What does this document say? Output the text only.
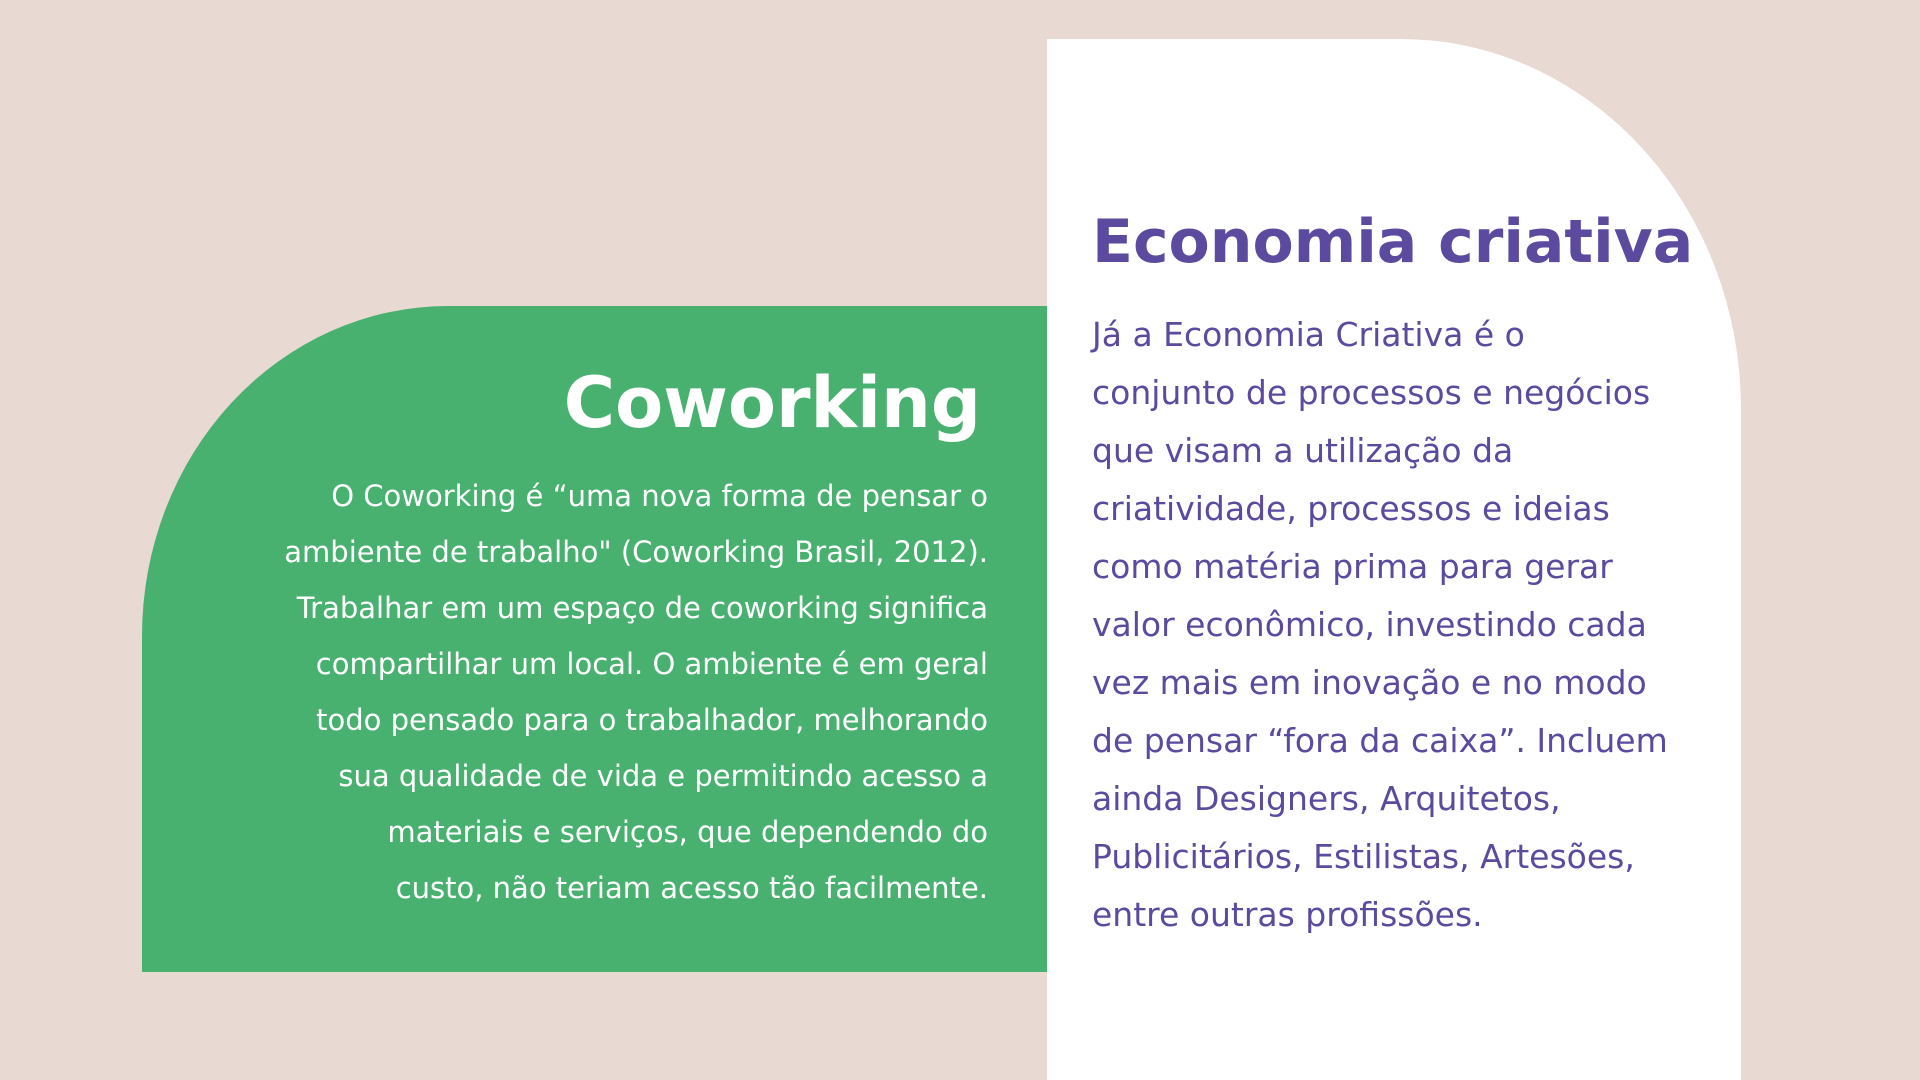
Coworking

O Coworking é “uma nova forma de pensar o
ambiente de trabalho" (Coworking Brasil, 2012).
Trabalhar em um espaço de coworking significa
compartilhar um local. O ambiente é em geral
todo pensado para o trabalhador, melhorando
sua qualidade de vida e permitindo acesso a
materiais e serviços, que dependendo do
custo, não teriam acesso tão facilmente.

Economia criativa

Já a Economia Criativa é o
conjunto de processos e negócios
que visam a utilização da
criatividade, processos e ideias
como matéria prima para gerar
valor econômico, investindo cada
vez mais em inovação e no modo
de pensar “fora da caixa”. Incluem
ainda Designers, Arquitetos,
Publicitários, Estilistas, Artesões,
entre outras profissões.
